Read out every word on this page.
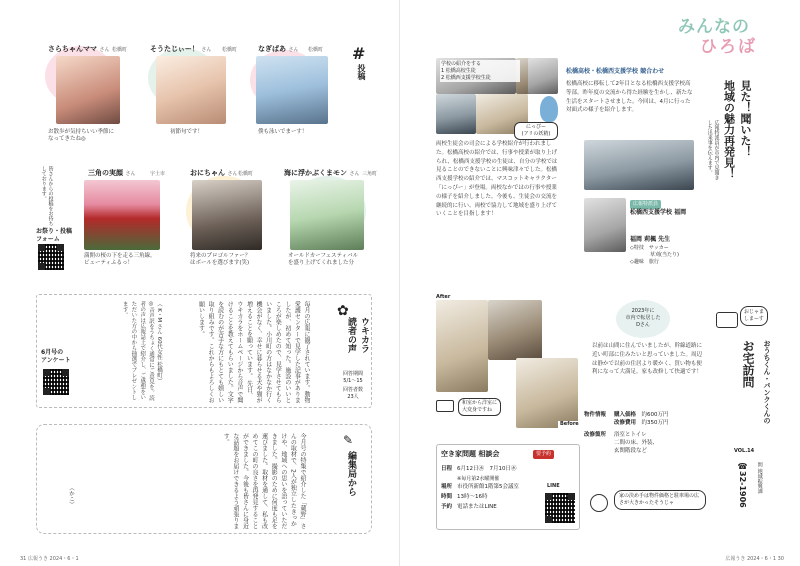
さらちゃんママ さん 松橋町
お散歩が気持ちいい季節に
なってきたね◎
そうたじぃー！ さん 松橋町
初節句です！
なぎばあ さん 松橋町
僕も泳いでまーす！
#
投稿
皆さんからの投稿をお待ちしております。
お祭り・投稿
フォーム
三角の実顔 さん	宇土市
満開の桜の下を走る三角線。
ビューティふるっ！
おにちゃん さん 松橋町
将来のプロゴルファー？
はボールを選びます(笑)
海に浮かぶくまモン さん 三角町
オールドカーフェスティバル
を盛り上げてくれました分
6月号の
アンケート	◎音声訳をうちょく通常にご意見を。読者の声は広報誌上で紹介し、ご感想をいただいた方の中から抽選でプレゼントします。	毎月の広報に観了されています。動物愛護センターで見学した記事がありましたが、初めて知った。施設のいいところが楽しめたので、見学させてもらいました。小川町の方はなかなか行く機会がなく、幸せに暮らせる犬や猫が増えることを願っています。 先日、ウキカラをホームページから音声で聞けることを教えてもらいました。文字を読むのが苦手な方にもとても嬉しい取り組みです。これからもよろしくお願いします。
（ K・M さん 60代女性 松橋町）	✿
ウキカラ
読者の声
回答期間
5/1〜15
回答者数
23人
今月号の特集で紹介した「蔵野」さんの取材で、2人が独立したきっかけや、地域への思いを語っていただきました。撮影のために何度も足を運びました。取材を通して、私も改めてこの町の良さを再発見することができました。今後も皆さんに身近な話題をお届けできるよう頑張ります。
（かこ）
✎
編集局から
31 広報うき 2024・6・1
みんなの
ひろば
学校の紹介をする
1 松橋高校生徒
2 松橋西支援学校生徒
にっぴー
(アリの妖精)
松橋高校・松橋西支援学校 競合わせ
松橋高校に移転して2年目となる松橋西支援学校高等部。昨年度の交流から得た経験を生かし、新たな生活をスタートさせました。今回は、4月に行った対面式の様子を紹介します。
両校生徒会の司会による学校紹介が行われました。松橋高校の紹介では、行事や授業が取り上げられ、松橋西支援学校の生徒は、自分の学校では見ることのできないことに興味津々でした。松橋西支援学校の紹介では、マスコットキャラクター「にっぴー」が登場。両校なかではの行事や授業の様子を紹介しました。今後も、生徒会の交流を継続的に行い、両校で協力して地域を盛り上げていくことを目指します！
広報特派員
松橋西支援学校 福岡
福岡 莉楓 先生
◇特技　サッカー
　　　　草刈(当たり)
◇趣味　旅行
見た！聞いた！
地域の魅力再発見！
広報特派員が市内で見聞きした出来事を伝えます。
After
Before
和室から洋室に
大変身ですね
2023年に
市内で転居した
Dさん
以前は山間に住んでいましたが、幹線道路に近い町部に住みたいと思っていました。周辺は静かで以前の住居より暖かく、買い物も便利になって大満足。家も改修して快適です！
物件情報	購入価格　 約600万円
改修費用　 約350万円
改修箇所	浴室とトイレ
二間の床、外装、
玄関階段など
おじゃま
しまーす
おうちくん・バンクくんの
お宅訪問
VOL.14
問 地域振興課
☎32-1906
空き家問題 相談会	要予約
日程 6月12日㊌　7月10日㊌
※毎月第2水曜開催
場所 市役所新館1階第5会議室
時間 13時〜16時
予約 電話またはLINE
LINE
家の決め手は物件価格と駐車場の広さが大きかったそうじゃ
広報うき 2024・6・1 30
